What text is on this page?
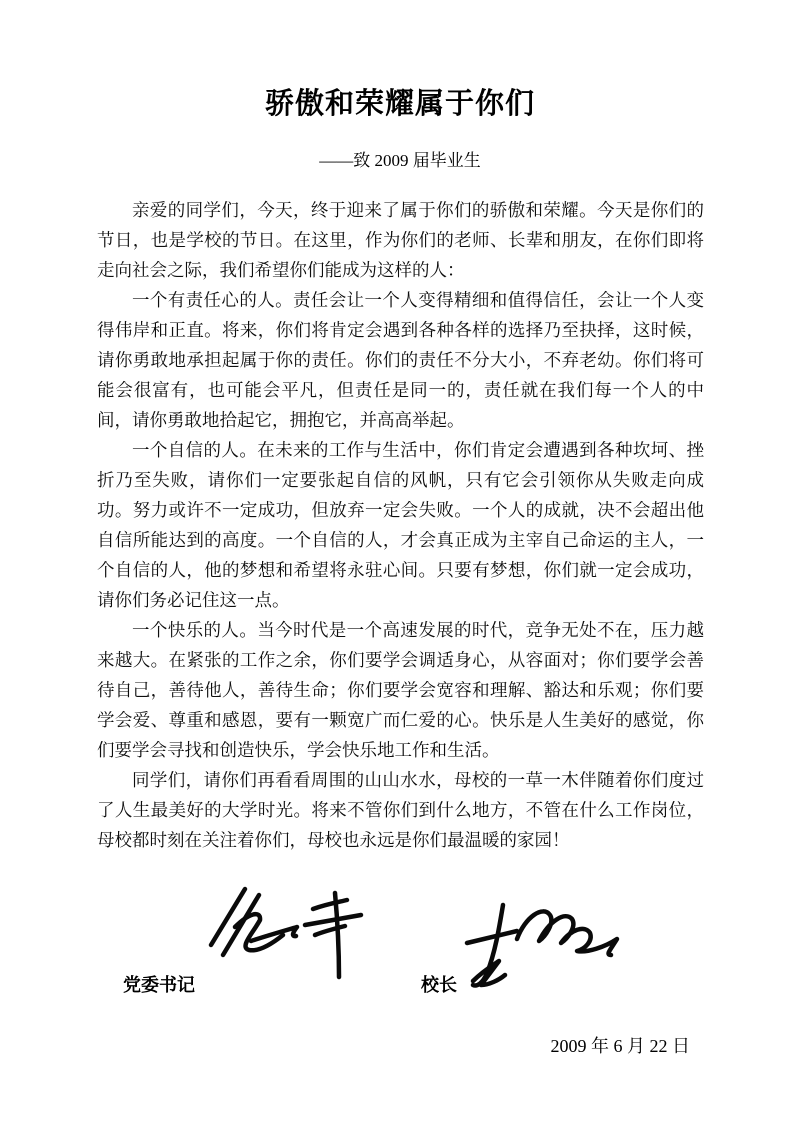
骄傲和荣耀属于你们
——致 2009 届毕业生

亲爱的同学们，今天，终于迎来了属于你们的骄傲和荣耀。今天是你们的节日，也是学校的节日。在这里，作为你们的老师、长辈和朋友，在你们即将走向社会之际，我们希望你们能成为这样的人：

一个有责任心的人。责任会让一个人变得精细和值得信任，会让一个人变得伟岸和正直。将来，你们将肯定会遇到各种各样的选择乃至抉择，这时候，请你勇敢地承担起属于你的责任。你们的责任不分大小，不弃老幼。你们将可能会很富有，也可能会平凡，但责任是同一的，责任就在我们每一个人的中间，请你勇敢地拾起它，拥抱它，并高高举起。

一个自信的人。在未来的工作与生活中，你们肯定会遭遇到各种坎坷、挫折乃至失败，请你们一定要张起自信的风帆，只有它会引领你从失败走向成功。努力或许不一定成功，但放弃一定会失败。一个人的成就，决不会超出他自信所能达到的高度。一个自信的人，才会真正成为主宰自己命运的主人，一个自信的人，他的梦想和希望将永驻心间。只要有梦想，你们就一定会成功，请你们务必记住这一点。

一个快乐的人。当今时代是一个高速发展的时代，竞争无处不在，压力越来越大。在紧张的工作之余，你们要学会调适身心，从容面对；你们要学会善待自己，善待他人，善待生命；你们要学会宽容和理解、豁达和乐观；你们要学会爱、尊重和感恩，要有一颗宽广而仁爱的心。快乐是人生美好的感觉，你们要学会寻找和创造快乐，学会快乐地工作和生活。

同学们，请你们再看看周围的山山水水，母校的一草一木伴随着你们度过了人生最美好的大学时光。将来不管你们到什么地方，不管在什么工作岗位，母校都时刻在关注着你们，母校也永远是你们最温暖的家园！

党委书记	校长
2009 年 6 月 22 日
